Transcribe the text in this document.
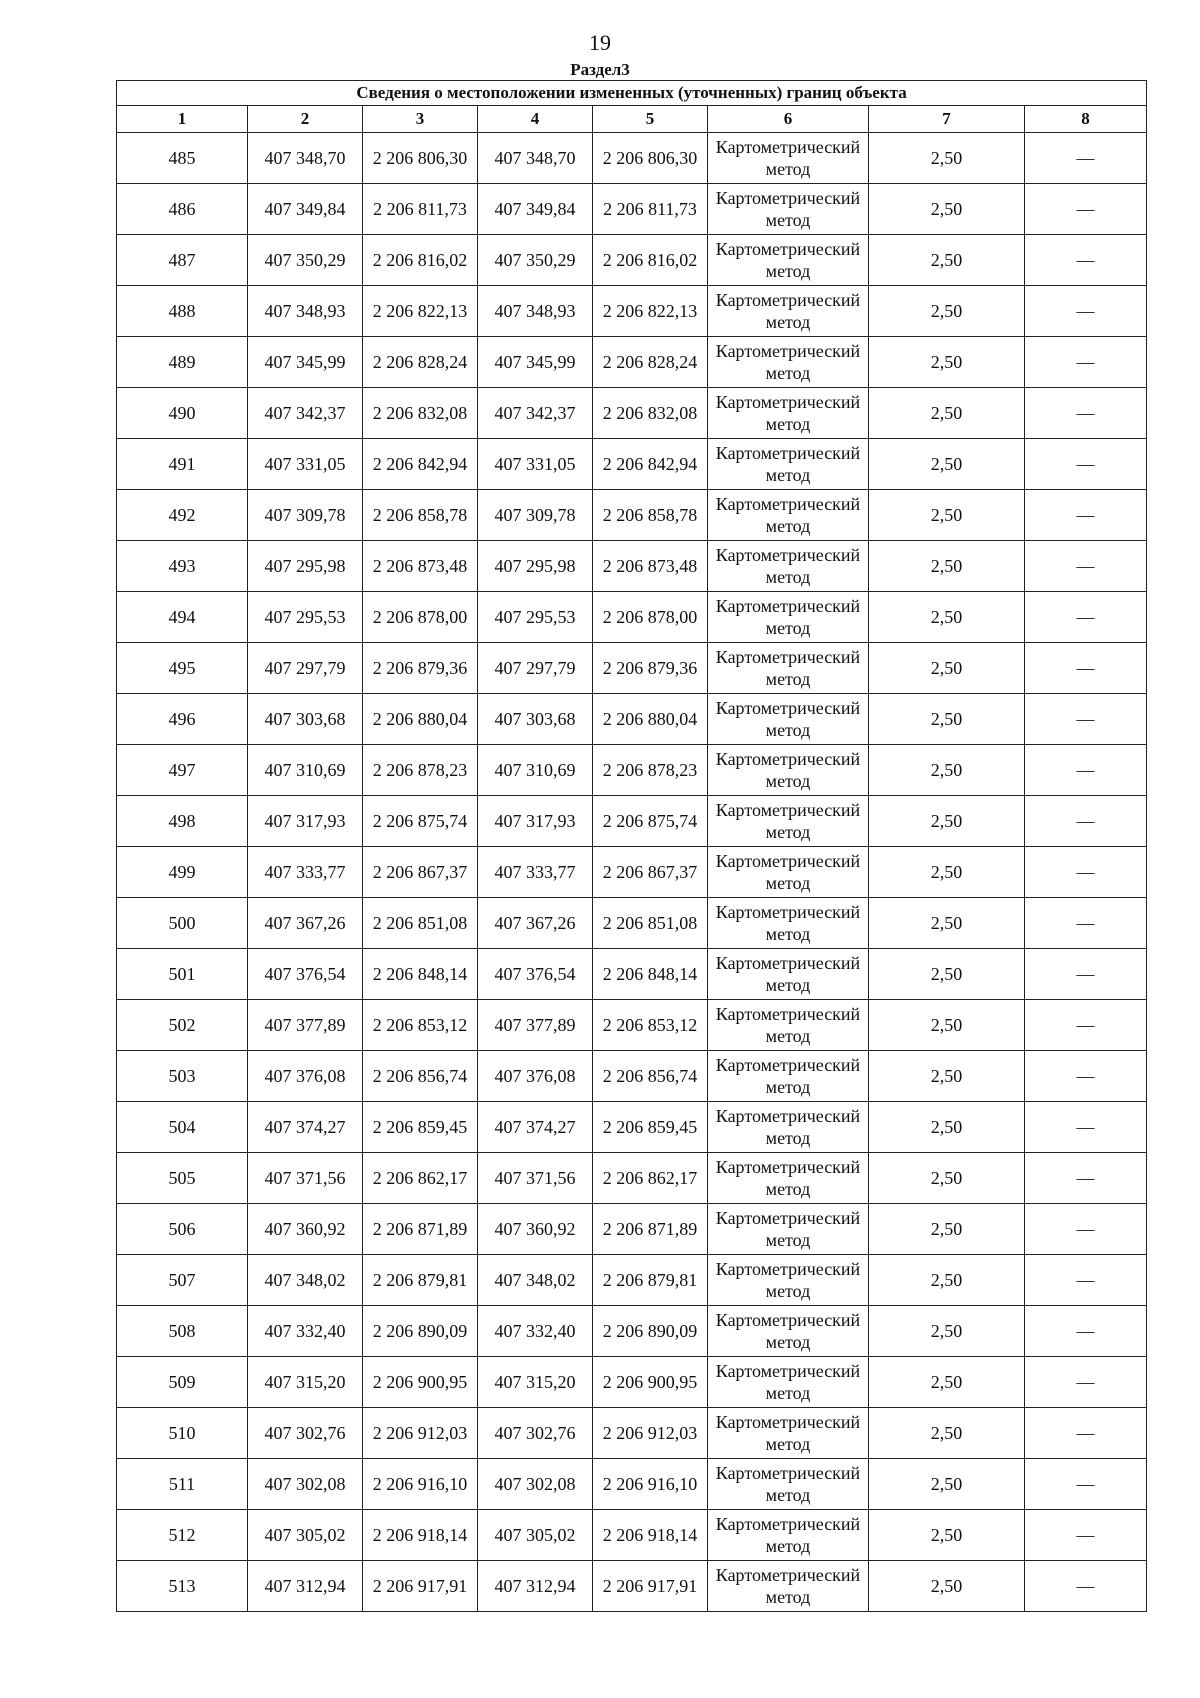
19
Раздел3
Сведения о местоположении измененных (уточненных) границ объекта							
1	2	3	4	5	6	7	8
485	407 348,70	2 206 806,30	407 348,70	2 206 806,30	Картометрический метод	2,50	—
486	407 349,84	2 206 811,73	407 349,84	2 206 811,73	Картометрический метод	2,50	—
487	407 350,29	2 206 816,02	407 350,29	2 206 816,02	Картометрический метод	2,50	—
488	407 348,93	2 206 822,13	407 348,93	2 206 822,13	Картометрический метод	2,50	—
489	407 345,99	2 206 828,24	407 345,99	2 206 828,24	Картометрический метод	2,50	—
490	407 342,37	2 206 832,08	407 342,37	2 206 832,08	Картометрический метод	2,50	—
491	407 331,05	2 206 842,94	407 331,05	2 206 842,94	Картометрический метод	2,50	—
492	407 309,78	2 206 858,78	407 309,78	2 206 858,78	Картометрический метод	2,50	—
493	407 295,98	2 206 873,48	407 295,98	2 206 873,48	Картометрический метод	2,50	—
494	407 295,53	2 206 878,00	407 295,53	2 206 878,00	Картометрический метод	2,50	—
495	407 297,79	2 206 879,36	407 297,79	2 206 879,36	Картометрический метод	2,50	—
496	407 303,68	2 206 880,04	407 303,68	2 206 880,04	Картометрический метод	2,50	—
497	407 310,69	2 206 878,23	407 310,69	2 206 878,23	Картометрический метод	2,50	—
498	407 317,93	2 206 875,74	407 317,93	2 206 875,74	Картометрический метод	2,50	—
499	407 333,77	2 206 867,37	407 333,77	2 206 867,37	Картометрический метод	2,50	—
500	407 367,26	2 206 851,08	407 367,26	2 206 851,08	Картометрический метод	2,50	—
501	407 376,54	2 206 848,14	407 376,54	2 206 848,14	Картометрический метод	2,50	—
502	407 377,89	2 206 853,12	407 377,89	2 206 853,12	Картометрический метод	2,50	—
503	407 376,08	2 206 856,74	407 376,08	2 206 856,74	Картометрический метод	2,50	—
504	407 374,27	2 206 859,45	407 374,27	2 206 859,45	Картометрический метод	2,50	—
505	407 371,56	2 206 862,17	407 371,56	2 206 862,17	Картометрический метод	2,50	—
506	407 360,92	2 206 871,89	407 360,92	2 206 871,89	Картометрический метод	2,50	—
507	407 348,02	2 206 879,81	407 348,02	2 206 879,81	Картометрический метод	2,50	—
508	407 332,40	2 206 890,09	407 332,40	2 206 890,09	Картометрический метод	2,50	—
509	407 315,20	2 206 900,95	407 315,20	2 206 900,95	Картометрический метод	2,50	—
510	407 302,76	2 206 912,03	407 302,76	2 206 912,03	Картометрический метод	2,50	—
511	407 302,08	2 206 916,10	407 302,08	2 206 916,10	Картометрический метод	2,50	—
512	407 305,02	2 206 918,14	407 305,02	2 206 918,14	Картометрический метод	2,50	—
513	407 312,94	2 206 917,91	407 312,94	2 206 917,91	Картометрический метод	2,50	—
